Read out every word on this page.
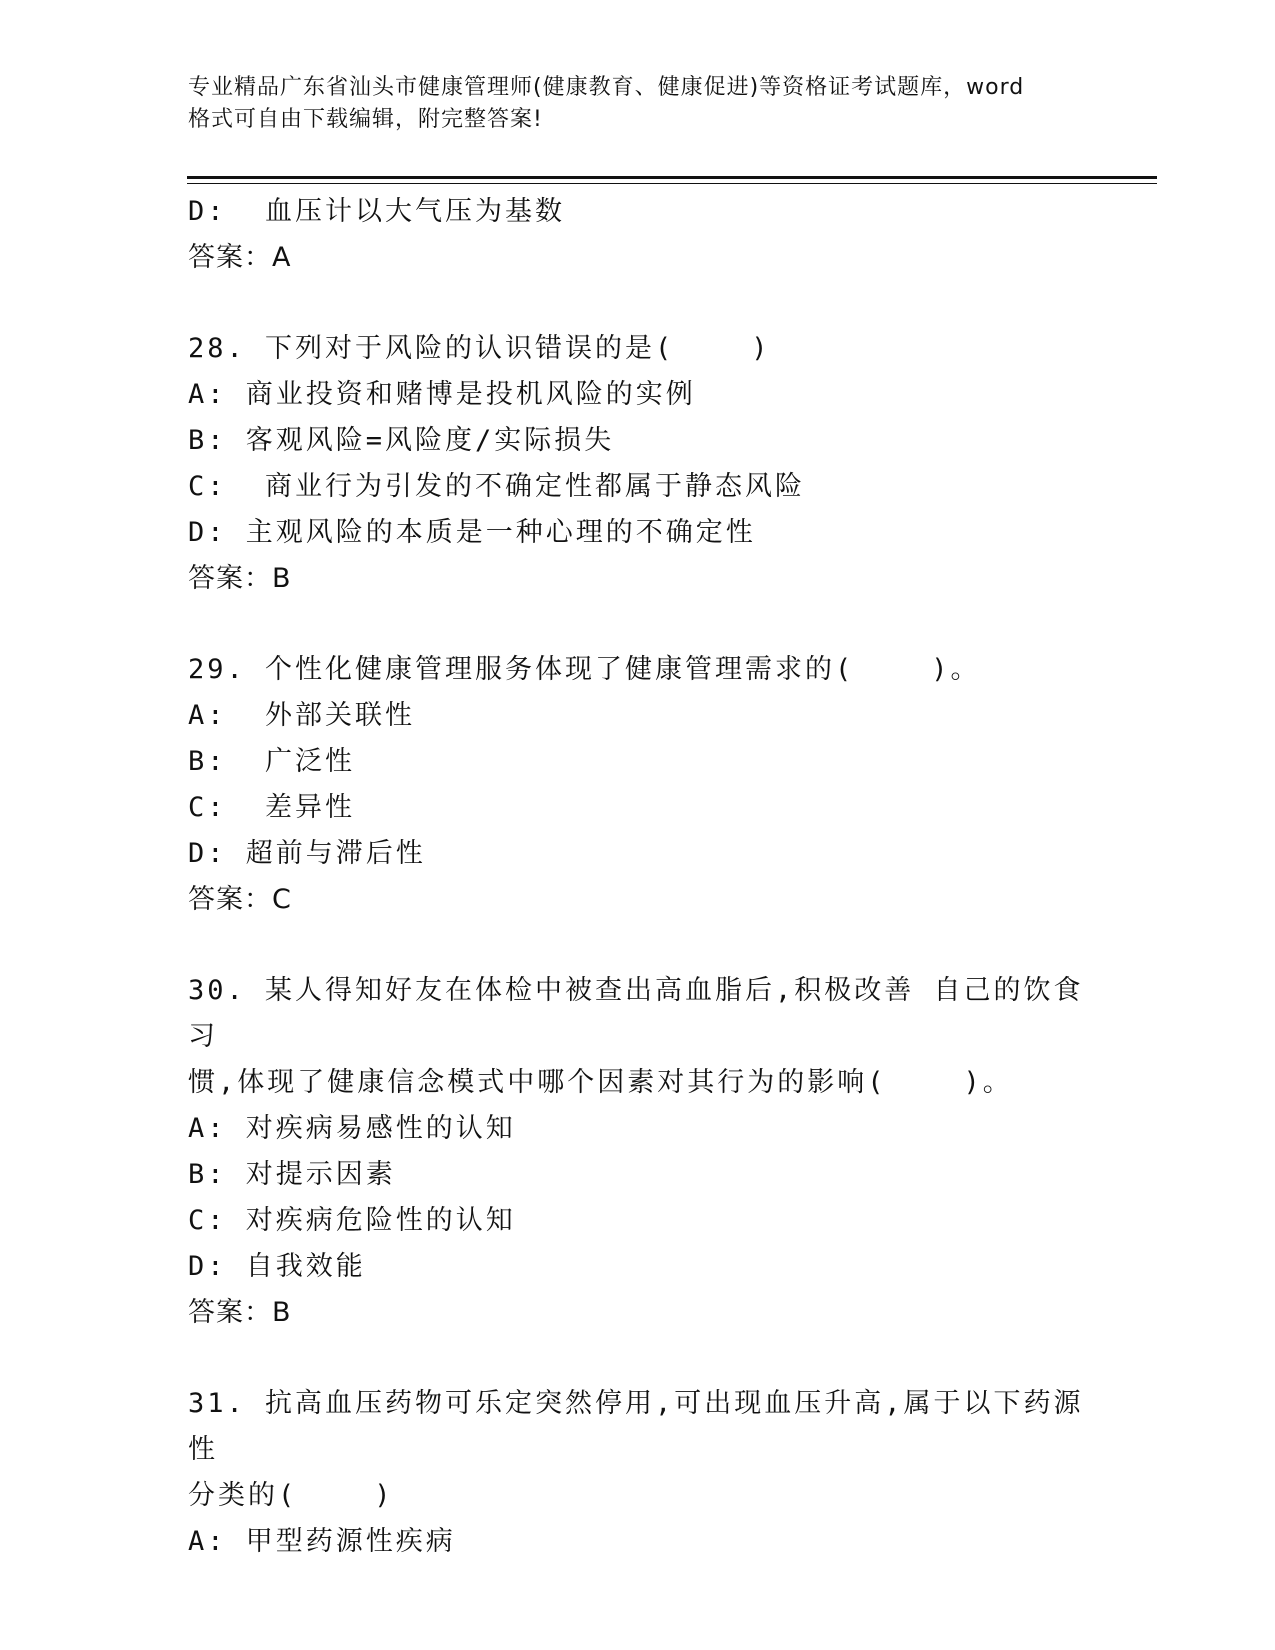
专业精品广东省汕头市健康管理师(健康教育、健康促进)等资格证考试题库，word
格式可自由下载编辑，附完整答案!
D:  血压计以大气压为基数
答案：A
28. 下列对于风险的认识错误的是(    )
A: 商业投资和赌博是投机风险的实例
B: 客观风险=风险度/实际损失
C:  商业行为引发的不确定性都属于静态风险
D: 主观风险的本质是一种心理的不确定性
答案：B
29. 个性化健康管理服务体现了健康管理需求的(    )。
A:  外部关联性
B:  广泛性
C:  差异性
D: 超前与滞后性
答案：C
30. 某人得知好友在体检中被查出高血脂后,积极改善 自己的饮食习
惯,体现了健康信念模式中哪个因素对其行为的影响(    )。
A: 对疾病易感性的认知
B: 对提示因素
C: 对疾病危险性的认知
D: 自我效能
答案：B
31. 抗高血压药物可乐定突然停用,可出现血压升高,属于以下药源性
分类的(    )
A: 甲型药源性疾病
